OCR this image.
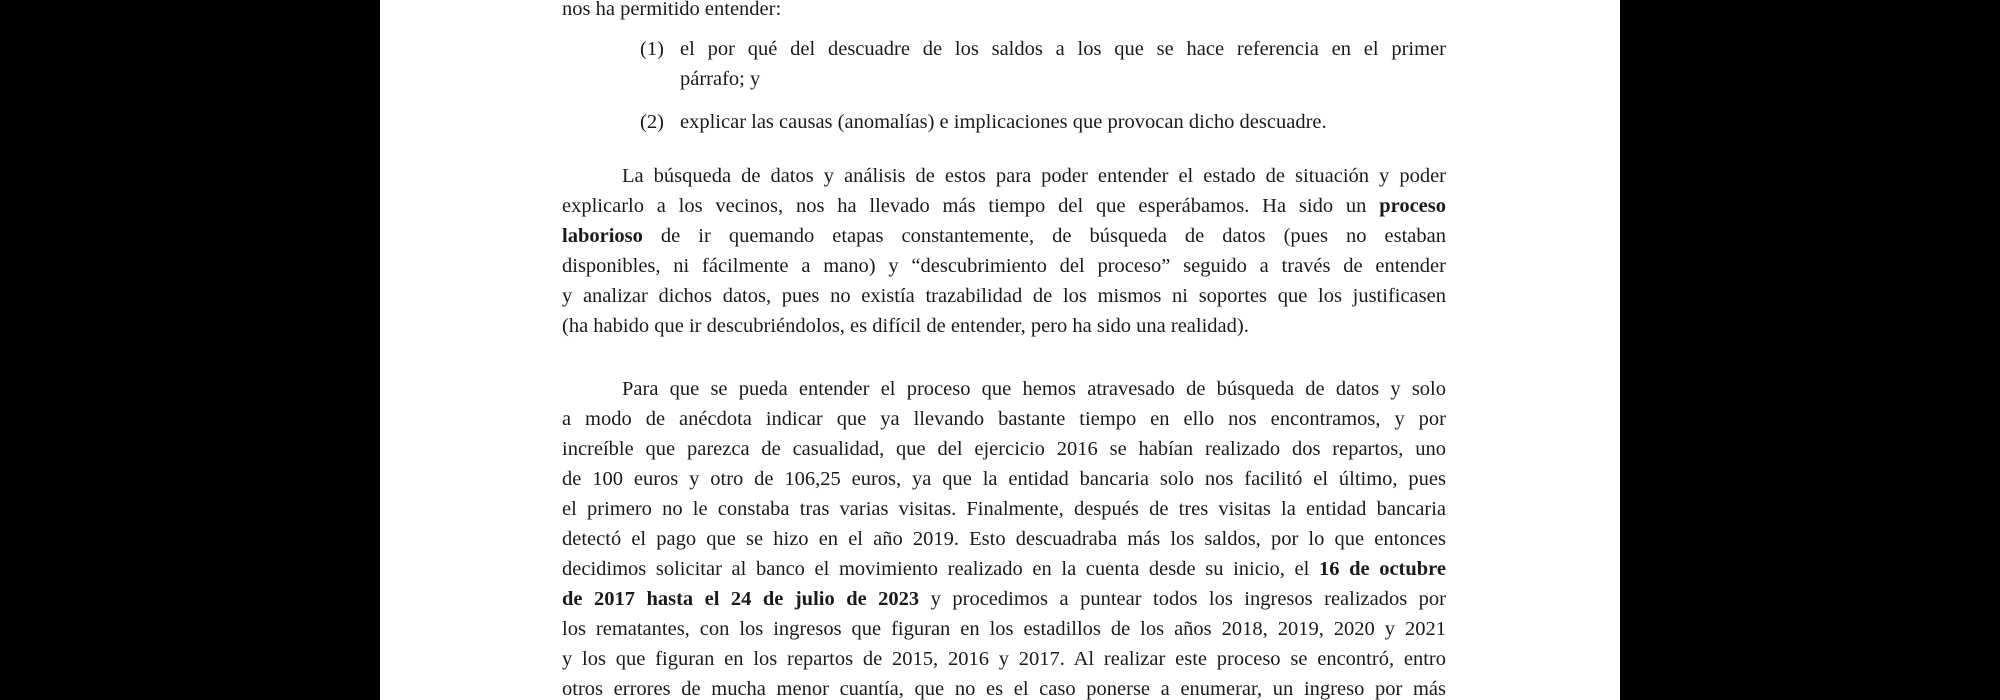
nos ha permitido entender:
(1) el por qué del descuadre de los saldos a los que se hace referencia en el primer
párrafo; y
(2) explicar las causas (anomalías) e implicaciones que provocan dicho descuadre.
La búsqueda de datos y análisis de estos para poder entender el estado de situación y poder
explicarlo a los vecinos, nos ha llevado más tiempo del que esperábamos. Ha sido un proceso
laborioso de ir quemando etapas constantemente, de búsqueda de datos (pues no estaban
disponibles, ni fácilmente a mano) y “descubrimiento del proceso” seguido a través de entender
y analizar dichos datos, pues no existía trazabilidad de los mismos ni soportes que los justificasen
(ha habido que ir descubriéndolos, es difícil de entender, pero ha sido una realidad).
Para que se pueda entender el proceso que hemos atravesado de búsqueda de datos y solo
a modo de anécdota indicar que ya llevando bastante tiempo en ello nos encontramos, y por
increíble que parezca de casualidad, que del ejercicio 2016 se habían realizado dos repartos, uno
de 100 euros y otro de 106,25 euros, ya que la entidad bancaria solo nos facilitó el último, pues
el primero no le constaba tras varias visitas. Finalmente, después de tres visitas la entidad bancaria
detectó el pago que se hizo en el año 2019. Esto descuadraba más los saldos, por lo que entonces
decidimos solicitar al banco el movimiento realizado en la cuenta desde su inicio, el 16 de octubre
de 2017 hasta el 24 de julio de 2023 y procedimos a puntear todos los ingresos realizados por
los rematantes, con los ingresos que figuran en los estadillos de los años 2018, 2019, 2020 y 2021
y los que figuran en los repartos de 2015, 2016 y 2017. Al realizar este proceso se encontró, entro
otros errores de mucha menor cuantía, que no es el caso ponerse a enumerar, un ingreso por más
